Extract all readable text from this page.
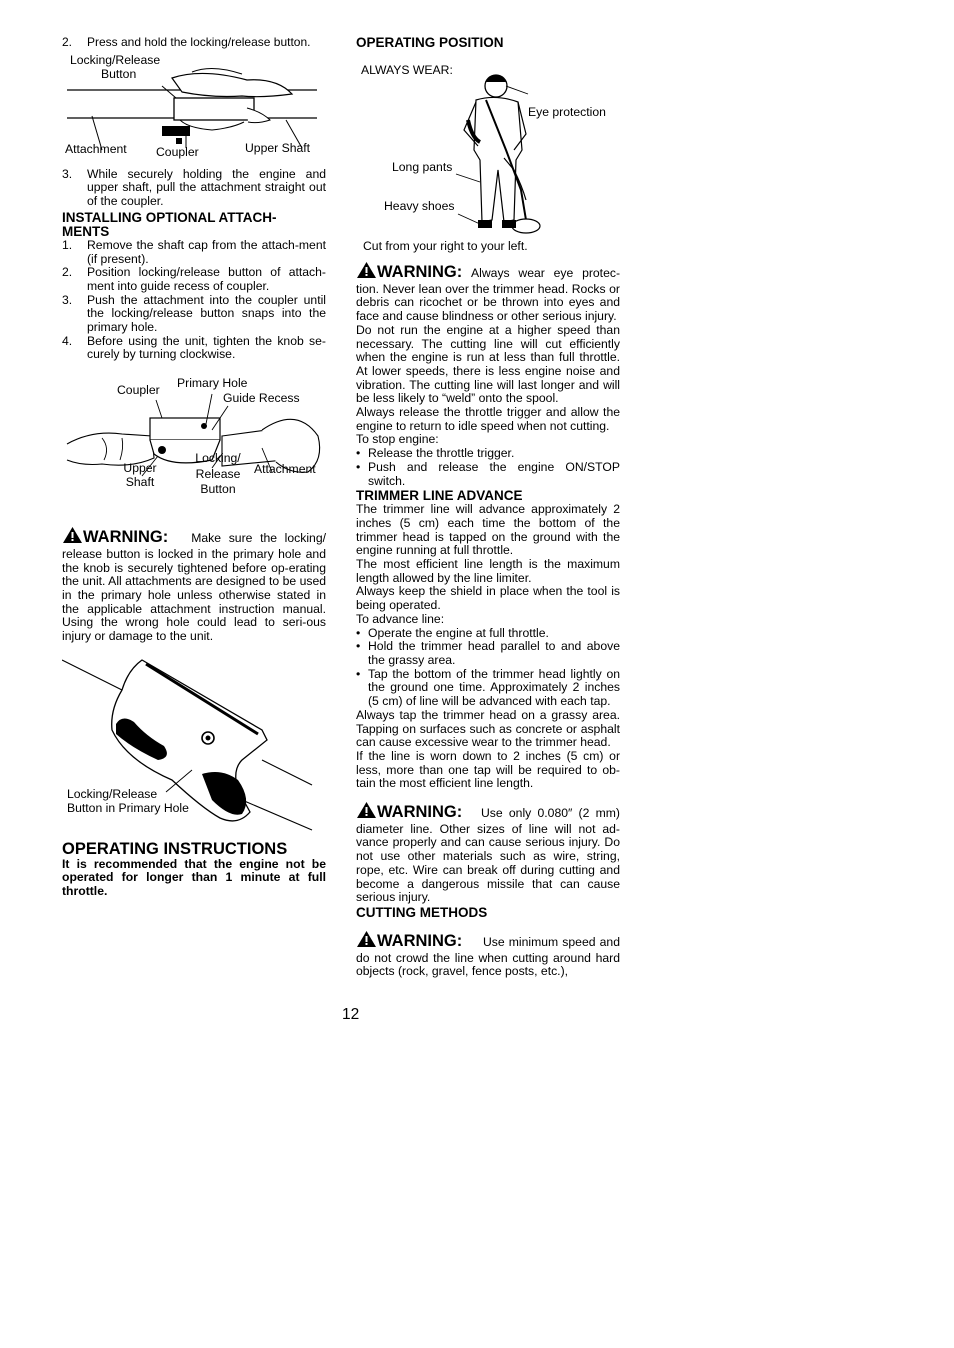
2.	Press and hold the locking/release button.
Locking/Release
Button
Attachment Coupler	Upper Shaft
3.	While securely holding the engine and upper shaft, pull the attachment straight out of the coupler.
INSTALLING OPTIONAL ATTACH-
MENTS
1.	Remove the shaft cap from the attach-ment (if present).
2.	Position locking/release button of attach-ment into guide recess of coupler.
3.	Push the attachment into the coupler until the locking/release button snaps into the primary hole.
4.	Before using the unit, tighten the knob se-curely by turning clockwise.
Coupler Primary Hole
Guide Recess
Upper
Shaft
Locking/
Release
Button
Attachment
WARNING: Make sure the locking/ release button is locked in the primary hole and the knob is securely tightened before op-erating the unit. All attachments are designed to be used in the primary hole unless otherwise stated in the applicable attachment instruction manual. Using the wrong hole could lead to seri-ous injury or damage to the unit.
Locking/Release
Button in Primary Hole
OPERATING INSTRUCTIONS
It is recommended that the engine not be operated for longer than 1 minute at full throttle.
OPERATING POSITION
ALWAYS WEAR:
Eye protection
Long pants
Heavy shoes
Cut from your right to your left.
WARNING: Always wear eye protec-tion. Never lean over the trimmer head. Rocks or debris can ricochet or be thrown into eyes and face and cause blindness or other serious injury.
Do not run the engine at a higher speed than necessary. The cutting line will cut efficiently when the engine is run at less than full throttle. At lower speeds, there is less engine noise and vibration. The cutting line will last longer and will be less likely to “weld” onto the spool.
Always release the throttle trigger and allow the engine to return to idle speed when not cutting.
To stop engine:
• Release the throttle trigger.
• Push and release the engine ON/STOP switch.
TRIMMER LINE ADVANCE
The trimmer line will advance approximately 2 inches (5 cm) each time the bottom of the trimmer head is tapped on the ground with the engine running at full throttle.
The most efficient line length is the maximum length allowed by the line limiter.
Always keep the shield in place when the tool is being operated.
To advance line:
• Operate the engine at full throttle.
• Hold the trimmer head parallel to and above the grassy area.
• Tap the bottom of the trimmer head lightly on the ground one time. Approximately 2 inches (5 cm) of line will be advanced with each tap.
Always tap the trimmer head on a grassy area. Tapping on surfaces such as concrete or asphalt can cause excessive wear to the trimmer head.
If the line is worn down to 2 inches (5 cm) or less, more than one tap will be required to ob-tain the most efficient line length.
WARNING: Use only 0.080″ (2 mm) diameter line. Other sizes of line will not ad-vance properly and can cause serious injury. Do not use other materials such as wire, string, rope, etc. Wire can break off during cutting and become a dangerous missile that can cause serious injury.
CUTTING METHODS
WARNING: Use minimum speed and do not crowd the line when cutting around hard objects (rock, gravel, fence posts, etc.),
12
